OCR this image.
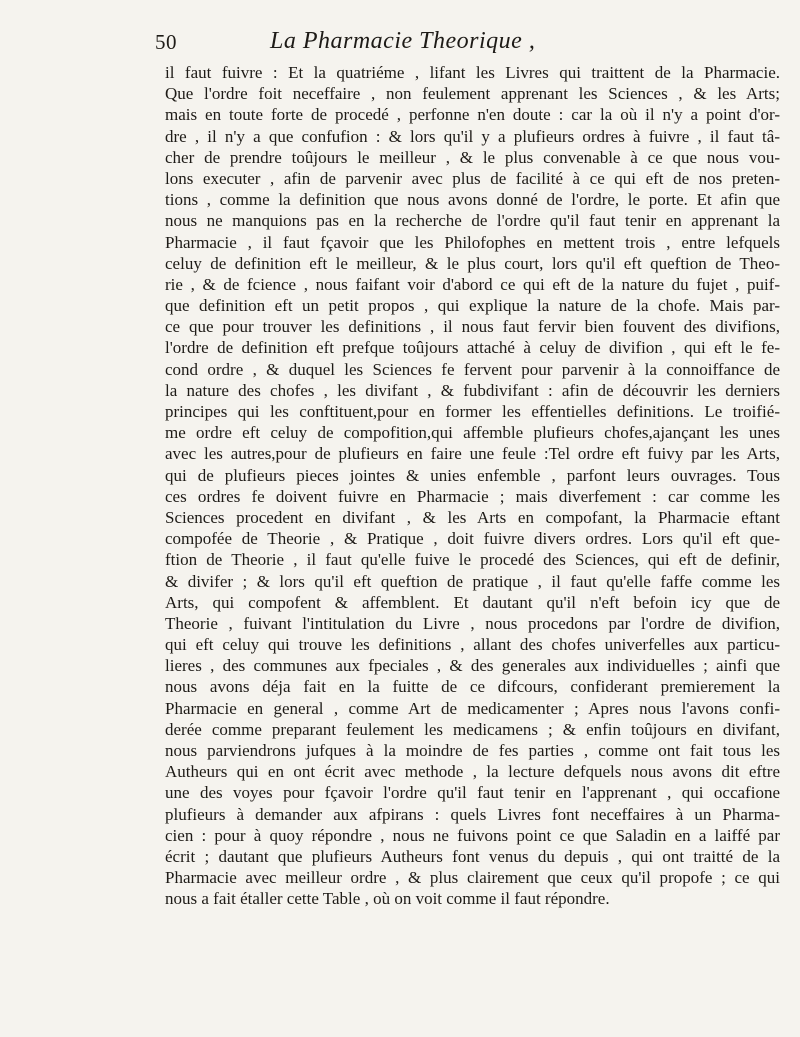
50	La Pharmacie Theorique ,
il faut fuivre : Et la quatriéme , lifant les Livres qui traittent de la Pharmacie.
Que l'ordre foit neceffaire , non feulement apprenant les Sciences , & les Arts;
mais en toute forte de procedé , perfonne n'en doute : car la où il n'y a point d'or-
dre , il n'y a que confufion : & lors qu'il y a plufieurs ordres à fuivre , il faut tâ-
cher de prendre toûjours le meilleur , & le plus convenable à ce que nous vou-
lons executer , afin de parvenir avec plus de facilité à ce qui eft de nos preten-
tions , comme la definition que nous avons donné de l'ordre, le porte. Et afin que
nous ne manquions pas en la recherche de l'ordre qu'il faut tenir en apprenant la
Pharmacie , il faut fçavoir que les Philofophes en mettent trois , entre lefquels
celuy de definition eft le meilleur, & le plus court, lors qu'il eft queftion de Theo-
rie , & de fcience , nous faifant voir d'abord ce qui eft de la nature du fujet , puif-
que definition eft un petit propos , qui explique la nature de la chofe. Mais par-
ce que pour trouver les definitions , il nous faut fervir bien fouvent des divifions,
l'ordre de definition eft prefque toûjours attaché à celuy de divifion , qui eft le fe-
cond ordre , & duquel les Sciences fe fervent pour parvenir à la connoiffance de
la nature des chofes , les divifant , & fubdivifant : afin de découvrir les derniers
principes qui les conftituent,pour en former les effentielles definitions. Le troifié-
me ordre eft celuy de compofition,qui affemble plufieurs chofes,ajançant les unes
avec les autres,pour de plufieurs en faire une feule :Tel ordre eft fuivy par les Arts,
qui de plufieurs pieces jointes & unies enfemble , parfont leurs ouvrages. Tous
ces ordres fe doivent fuivre en Pharmacie ; mais diverfement : car comme les
Sciences procedent en divifant , & les Arts en compofant, la Pharmacie eftant
compofée de Theorie , & Pratique , doit fuivre divers ordres. Lors qu'il eft que-
ftion de Theorie , il faut qu'elle fuive le procedé des Sciences, qui eft de definir,
& divifer ; & lors qu'il eft queftion de pratique , il faut qu'elle faffe comme les
Arts, qui compofent & affemblent. Et dautant qu'il n'eft befoin icy que de
Theorie , fuivant l'intitulation du Livre , nous procedons par l'ordre de divifion,
qui eft celuy qui trouve les definitions , allant des chofes univerfelles aux particu-
lieres , des communes aux fpeciales , & des generales aux individuelles ; ainfi que
nous avons déja fait en la fuitte de ce difcours, confiderant premierement la
Pharmacie en general , comme Art de medicamenter ; Apres nous l'avons confi-
derée comme preparant feulement les medicamens ; & enfin toûjours en divifant,
nous parviendrons jufques à la moindre de fes parties , comme ont fait tous les
Autheurs qui en ont écrit avec methode , la lecture defquels nous avons dit eftre
une des voyes pour fçavoir l'ordre qu'il faut tenir en l'apprenant , qui occafione
plufieurs à demander aux afpirans : quels Livres font neceffaires à un Pharma-
cien : pour à quoy répondre , nous ne fuivons point ce que Saladin en a laiffé par
écrit ; dautant que plufieurs Autheurs font venus du depuis , qui ont traitté de la
Pharmacie avec meilleur ordre , & plus clairement que ceux qu'il propofe ; ce qui
nous a fait étaller cette Table , où on voit comme il faut répondre.
